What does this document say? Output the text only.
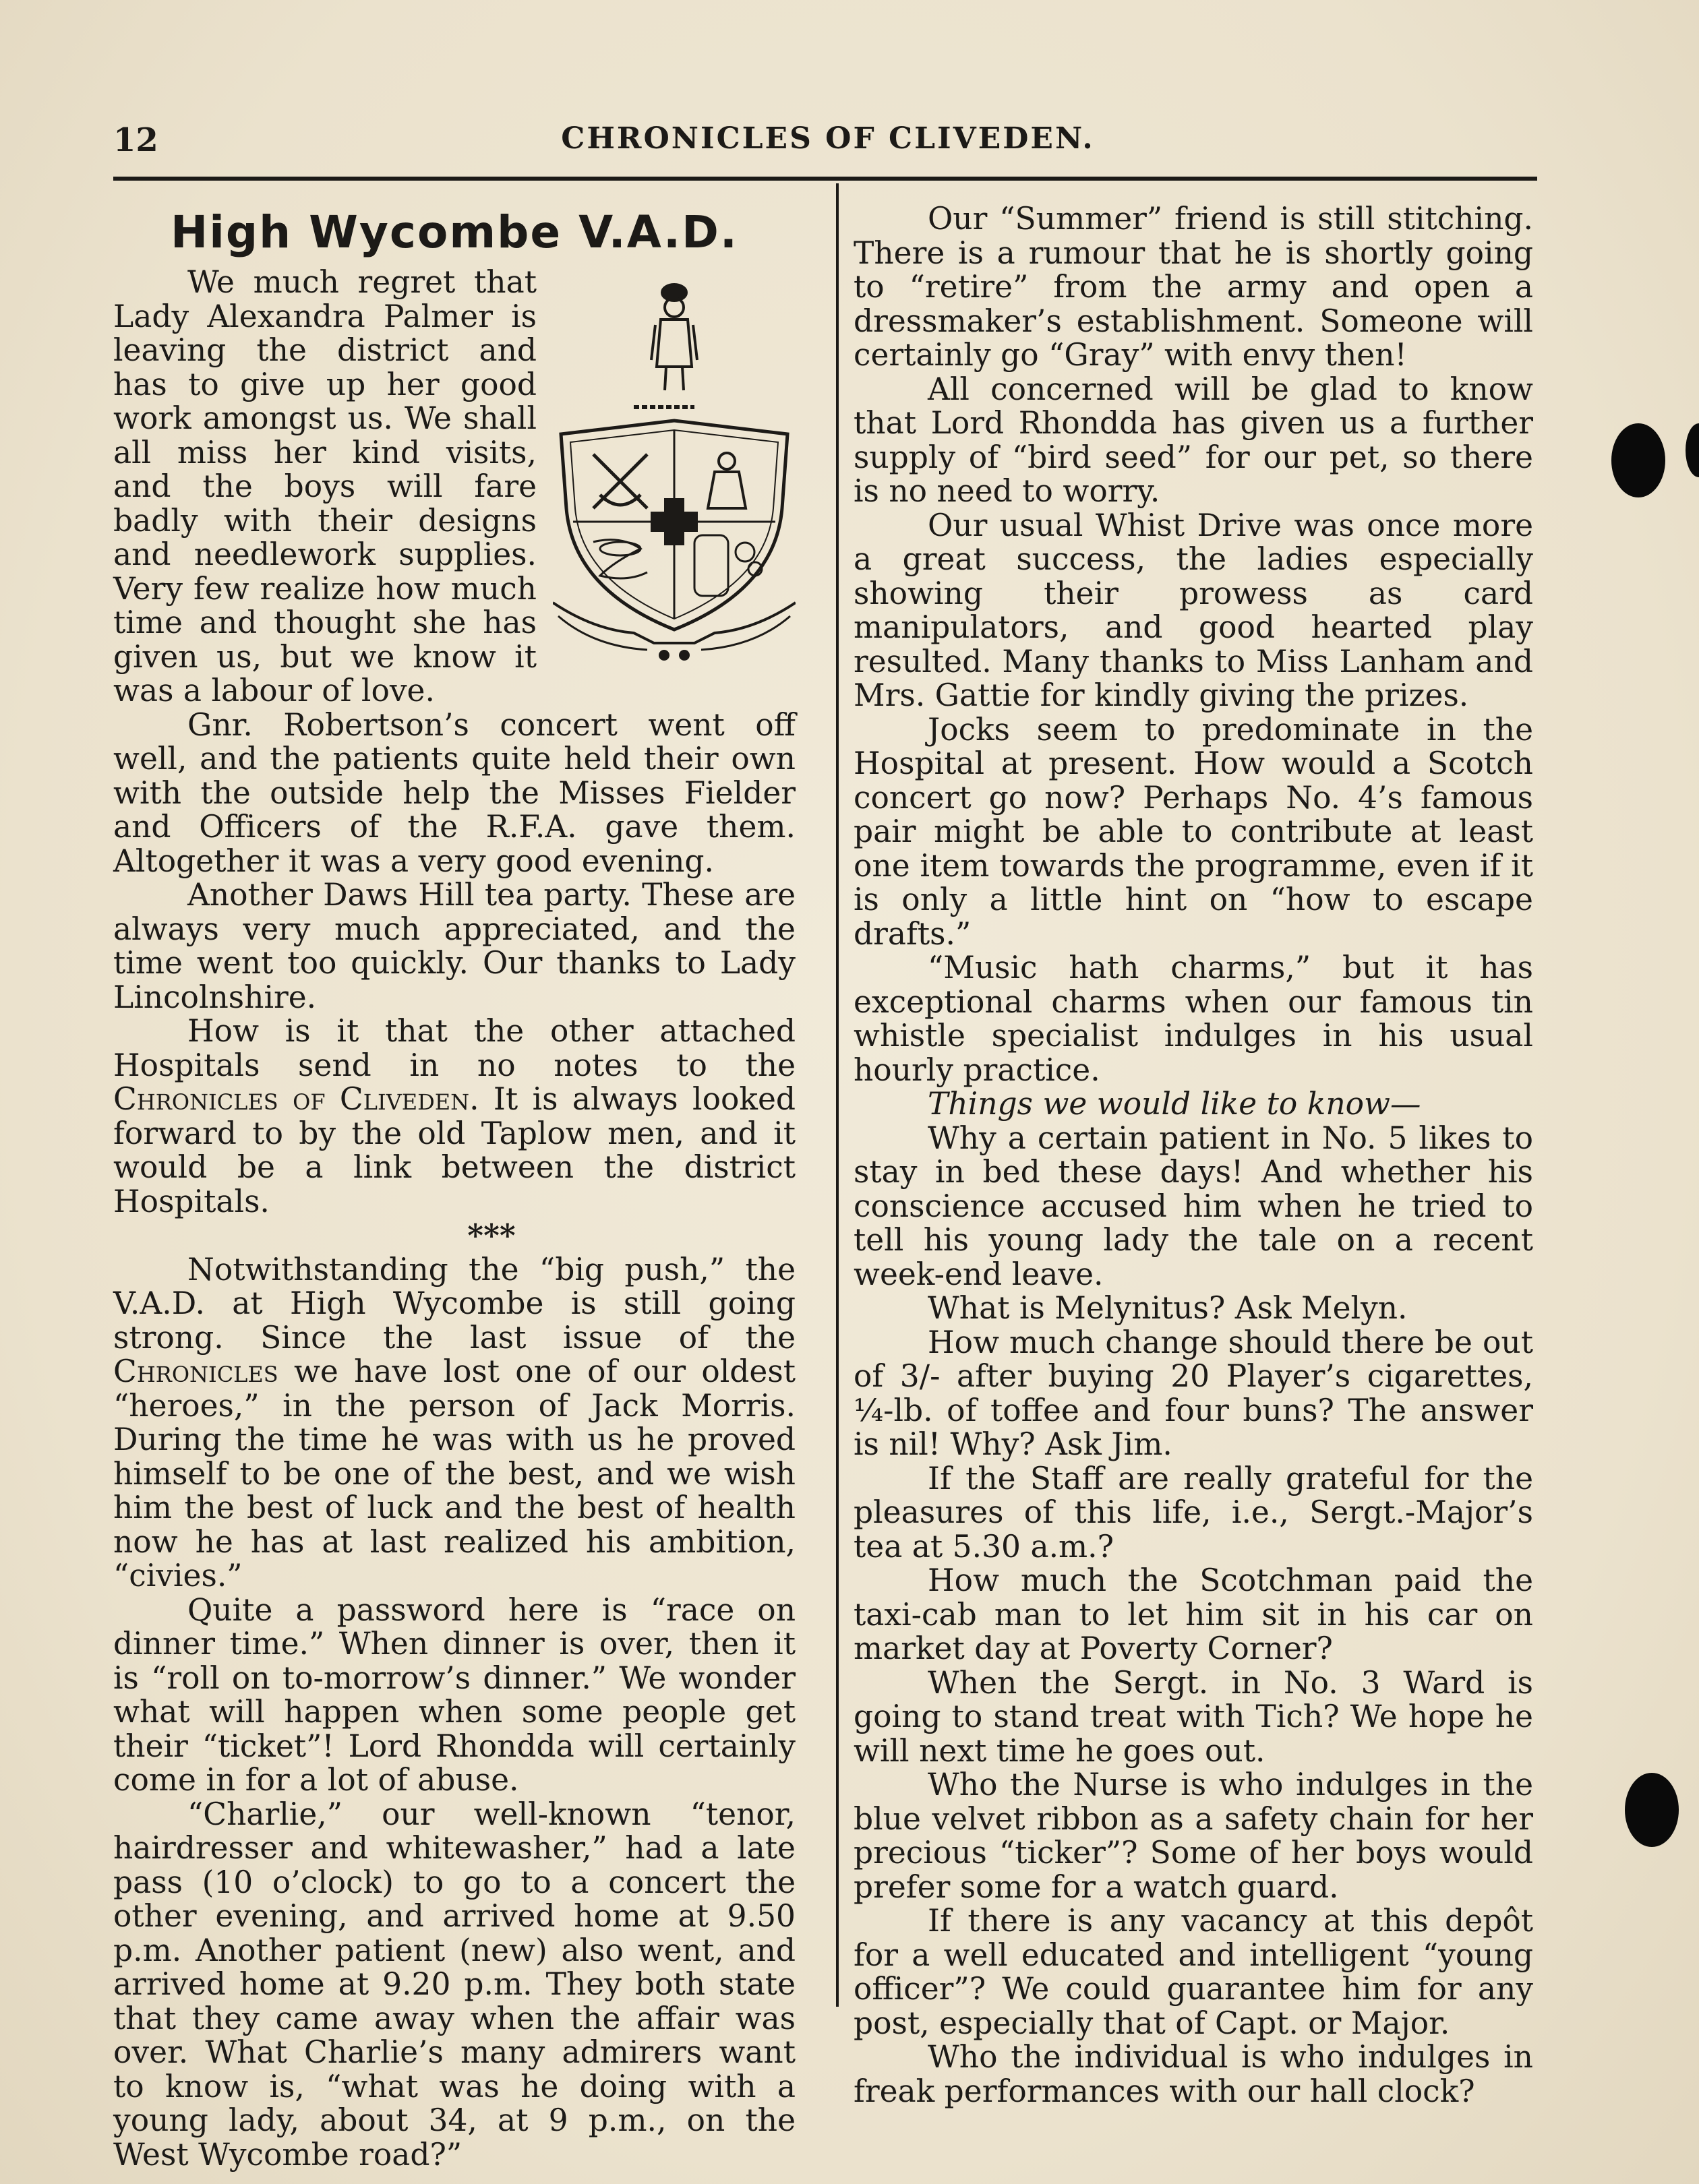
12	CHRONICLES OF CLIVEDEN.
High Wycombe V.A.D.

We much regret that Lady Alexandra Palmer is leaving the district and has to give up her good work amongst us. We shall all miss her kind visits, and the boys will fare badly with their designs and needlework supplies. Very few realize how much time and thought she has given us, but we know it was a labour of love.

Gnr. Robertson’s concert went off well, and the patients quite held their own with the outside help the Misses Fielder and Officers of the R.F.A. gave them. Altogether it was a very good evening.

Another Daws Hill tea party. These are always very much appreciated, and the time went too quickly. Our thanks to Lady Lincolnshire.

How is it that the other attached Hospitals send in no notes to the Chronicles of Cliveden. It is always looked forward to by the old Taplow men, and it would be a link between the district Hospitals.

***

Notwithstanding the “big push,” the V.A.D. at High Wycombe is still going strong. Since the last issue of the Chronicles we have lost one of our oldest “heroes,” in the person of Jack Morris. During the time he was with us he proved himself to be one of the best, and we wish him the best of luck and the best of health now he has at last realized his ambition, “civies.”

Quite a password here is “race on dinner time.” When dinner is over, then it is “roll on to-morrow’s dinner.” We wonder what will happen when some people get their “ticket”! Lord Rhondda will certainly come in for a lot of abuse.

“Charlie,” our well-known “tenor, hairdresser and whitewasher,” had a late pass (10 o’clock) to go to a concert the other evening, and arrived home at 9.50 p.m. Another patient (new) also went, and arrived home at 9.20 p.m. They both state that they came away when the affair was over. What Charlie’s many admirers want to know is, “what was he doing with a young lady, about 34, at 9 p.m., on the West Wycombe road?”

Our “Summer” friend is still stitching. There is a rumour that he is shortly going to “retire” from the army and open a dressmaker’s establishment. Someone will certainly go “Gray” with envy then!

All concerned will be glad to know that Lord Rhondda has given us a further supply of “bird seed” for our pet, so there is no need to worry.

Our usual Whist Drive was once more a great success, the ladies especially showing their prowess as card manipulators, and good hearted play resulted. Many thanks to Miss Lanham and Mrs. Gattie for kindly giving the prizes.

Jocks seem to predominate in the Hospital at present. How would a Scotch concert go now? Perhaps No. 4’s famous pair might be able to contribute at least one item towards the programme, even if it is only a little hint on “how to escape drafts.”

“Music hath charms,” but it has exceptional charms when our famous tin whistle specialist indulges in his usual hourly practice.

Things we would like to know—

Why a certain patient in No. 5 likes to stay in bed these days! And whether his conscience accused him when he tried to tell his young lady the tale on a recent week-end leave.

What is Melynitus? Ask Melyn.

How much change should there be out of 3/- after buying 20 Player’s cigarettes, ¼-lb. of toffee and four buns? The answer is nil! Why? Ask Jim.

If the Staff are really grateful for the pleasures of this life, i.e., Sergt.-Major’s tea at 5.30 a.m.?

How much the Scotchman paid the taxi-cab man to let him sit in his car on market day at Poverty Corner?

When the Sergt. in No. 3 Ward is going to stand treat with Tich? We hope he will next time he goes out.

Who the Nurse is who indulges in the blue velvet ribbon as a safety chain for her precious “ticker”? Some of her boys would prefer some for a watch guard.

If there is any vacancy at this depôt for a well educated and intelligent “young officer”? We could guarantee him for any post, especially that of Capt. or Major.

Who the individual is who indulges in freak performances with our hall clock?
